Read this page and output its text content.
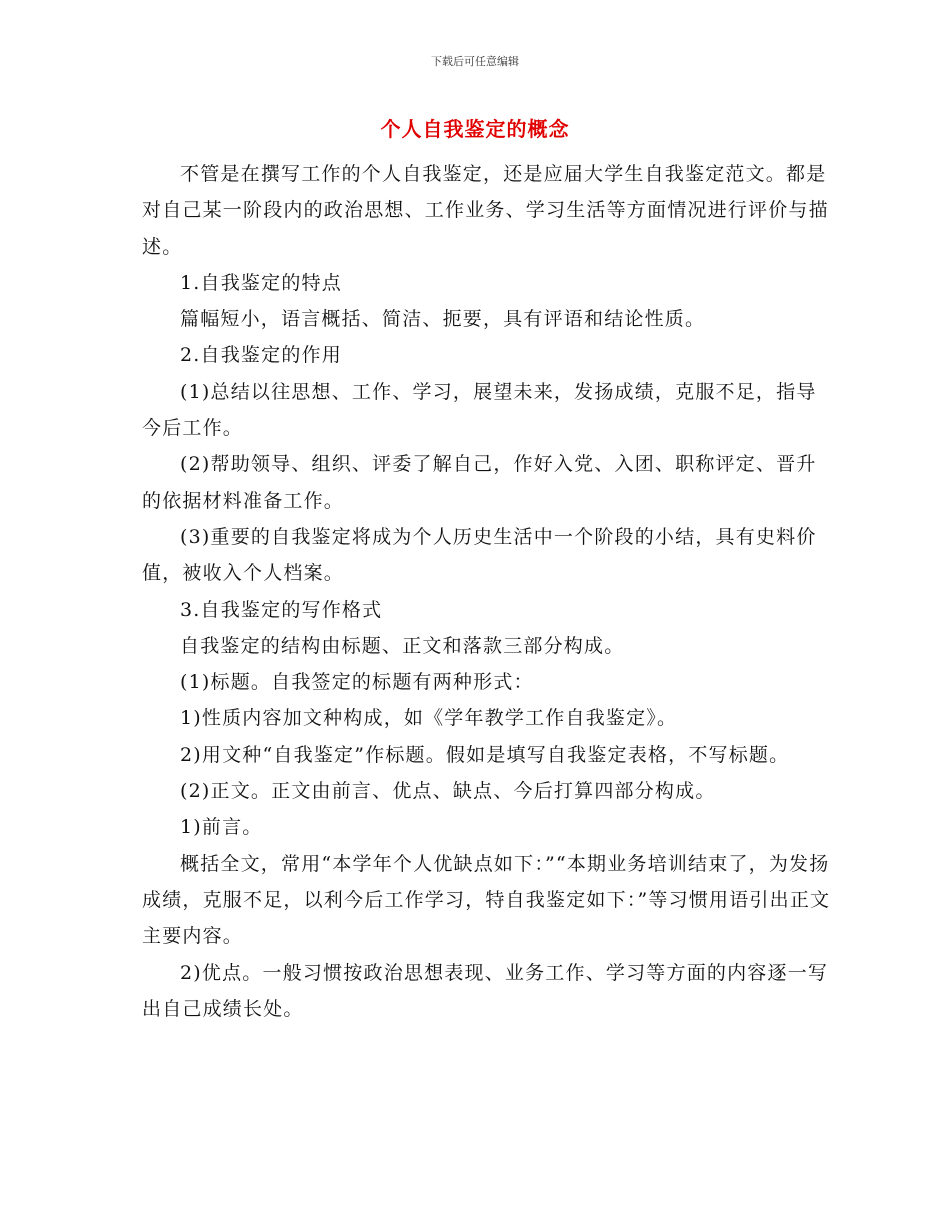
下载后可任意编辑
个人自我鉴定的概念

不管是在撰写工作的个人自我鉴定，还是应届大学生自我鉴定范文。都是对自己某一阶段内的政治思想、工作业务、学习生活等方面情况进行评价与描述。

1.自我鉴定的特点

篇幅短小，语言概括、简洁、扼要，具有评语和结论性质。

2.自我鉴定的作用

(1)总结以往思想、工作、学习，展望未来，发扬成绩，克服不足，指导今后工作。

(2)帮助领导、组织、评委了解自己，作好入党、入团、职称评定、晋升的依据材料准备工作。

(3)重要的自我鉴定将成为个人历史生活中一个阶段的小结，具有史料价值，被收入个人档案。

3.自我鉴定的写作格式

自我鉴定的结构由标题、正文和落款三部分构成。

(1)标题。自我签定的标题有两种形式：

1)性质内容加文种构成，如《学年教学工作自我鉴定》。

2)用文种“自我鉴定”作标题。假如是填写自我鉴定表格，不写标题。

(2)正文。正文由前言、优点、缺点、今后打算四部分构成。

1)前言。

概括全文，常用“本学年个人优缺点如下：”“本期业务培训结束了，为发扬成绩，克服不足，以利今后工作学习，特自我鉴定如下：”等习惯用语引出正文主要内容。

2)优点。一般习惯按政治思想表现、业务工作、学习等方面的内容逐一写出自己成绩长处。
